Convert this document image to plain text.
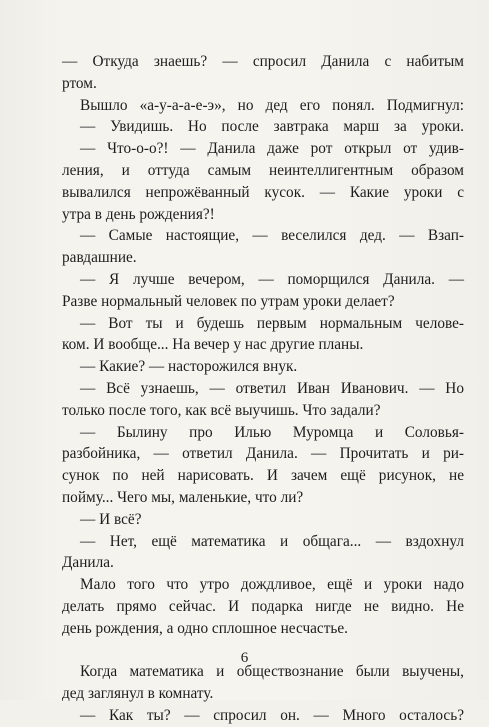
— Откуда знаешь? — спросил Данила с набитым
ртом.
Вышло «а-у-а-а-е-э», но дед его понял. Подмигнул:
— Увидишь. Но после завтрака марш за уроки.
— Что-о-о?! — Данила даже рот открыл от удив-
ления, и оттуда самым неинтеллигентным образом
вывалился непрожёванный кусок. — Какие уроки с
утра в день рождения?!
— Самые настоящие, — веселился дед. — Взап-
равдашние.
— Я лучше вечером, — поморщился Данила. —
Разве нормальный человек по утрам уроки делает?
— Вот ты и будешь первым нормальным челове-
ком. И вообще... На вечер у нас другие планы.
— Какие? — насторожился внук.
— Всё узнаешь, — ответил Иван Иванович. — Но
только после того, как всё выучишь. Что задали?
— Былину про Илью Муромца и Соловья-
разбойника, — ответил Данила. — Прочитать и ри-
сунок по ней нарисовать. И зачем ещё рисунок, не
пойму... Чего мы, маленькие, что ли?
— И всё?
— Нет, ещё математика и общага... — вздохнул
Данила.
Мало того что утро дождливое, ещё и уроки надо
делать прямо сейчас. И подарка нигде не видно. Не
день рождения, а одно сплошное несчастье.
Когда математика и обществознание были выучены,
дед заглянул в комнату.
— Как ты? — спросил он. — Много осталось?
6
